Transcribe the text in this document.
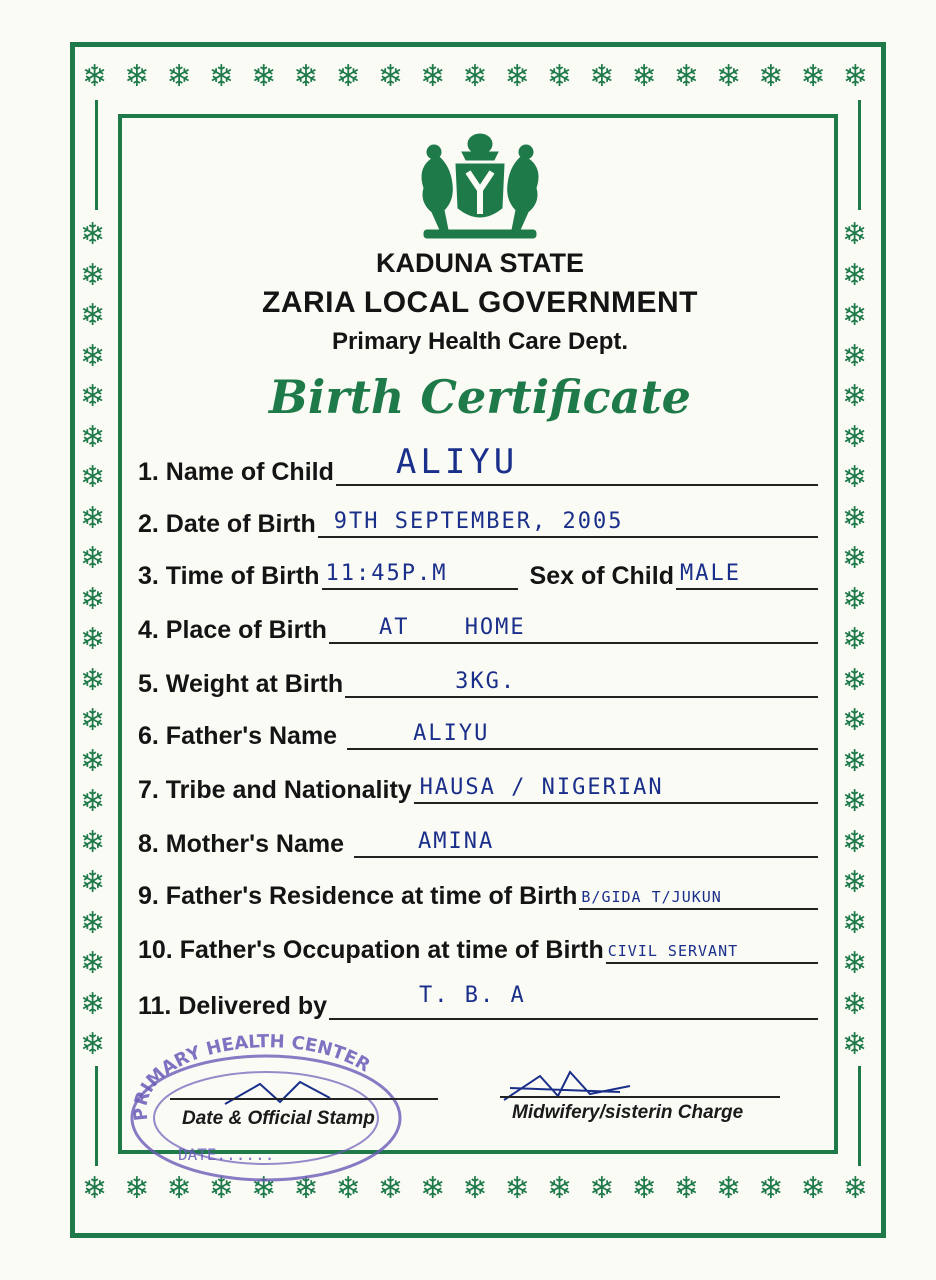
❄ ❄ ❄ ❄ ❄ ❄ ❄ ❄ ❄ ❄ ❄ ❄ ❄ ❄ ❄ ❄ ❄ ❄ ❄
❄ ❄ ❄ ❄ ❄ ❄ ❄ ❄ ❄ ❄ ❄ ❄ ❄ ❄ ❄ ❄ ❄ ❄ ❄
❄
❄
❄
❄
❄
❄
❄
❄
❄
❄
❄
❄
❄
❄
❄
❄
❄
❄
❄
❄
❄
❄
❄
❄
❄
❄
❄
❄
❄
❄
❄
❄
❄
❄
❄
❄
❄
❄
❄
❄
❄
❄
KADUNA STATE
ZARIA LOCAL GOVERNMENT
Primary Health Care Dept.
Birth Certificate
1. Name of Child ALIYU
2. Date of Birth 9TH SEPTEMBER, 2005
3. Time of Birth 11:45P.M	Sex of Child MALE
4. Place of Birth AT HOME
5. Weight at Birth	3KG.
6. Father's Name	ALIYU
7. Tribe and Nationality HAUSA / NIGERIAN
8. Mother's Name	AMINA
9. Father's Residence at time of Birth B/GIDA T/JUKUN
10. Father's Occupation at time of Birth CIVIL SERVANT
11. Delivered by	T. B. A
PRIMARY HEALTH CENTER
DATE......
Date & Official Stamp	Midwifery/sisterin Charge
